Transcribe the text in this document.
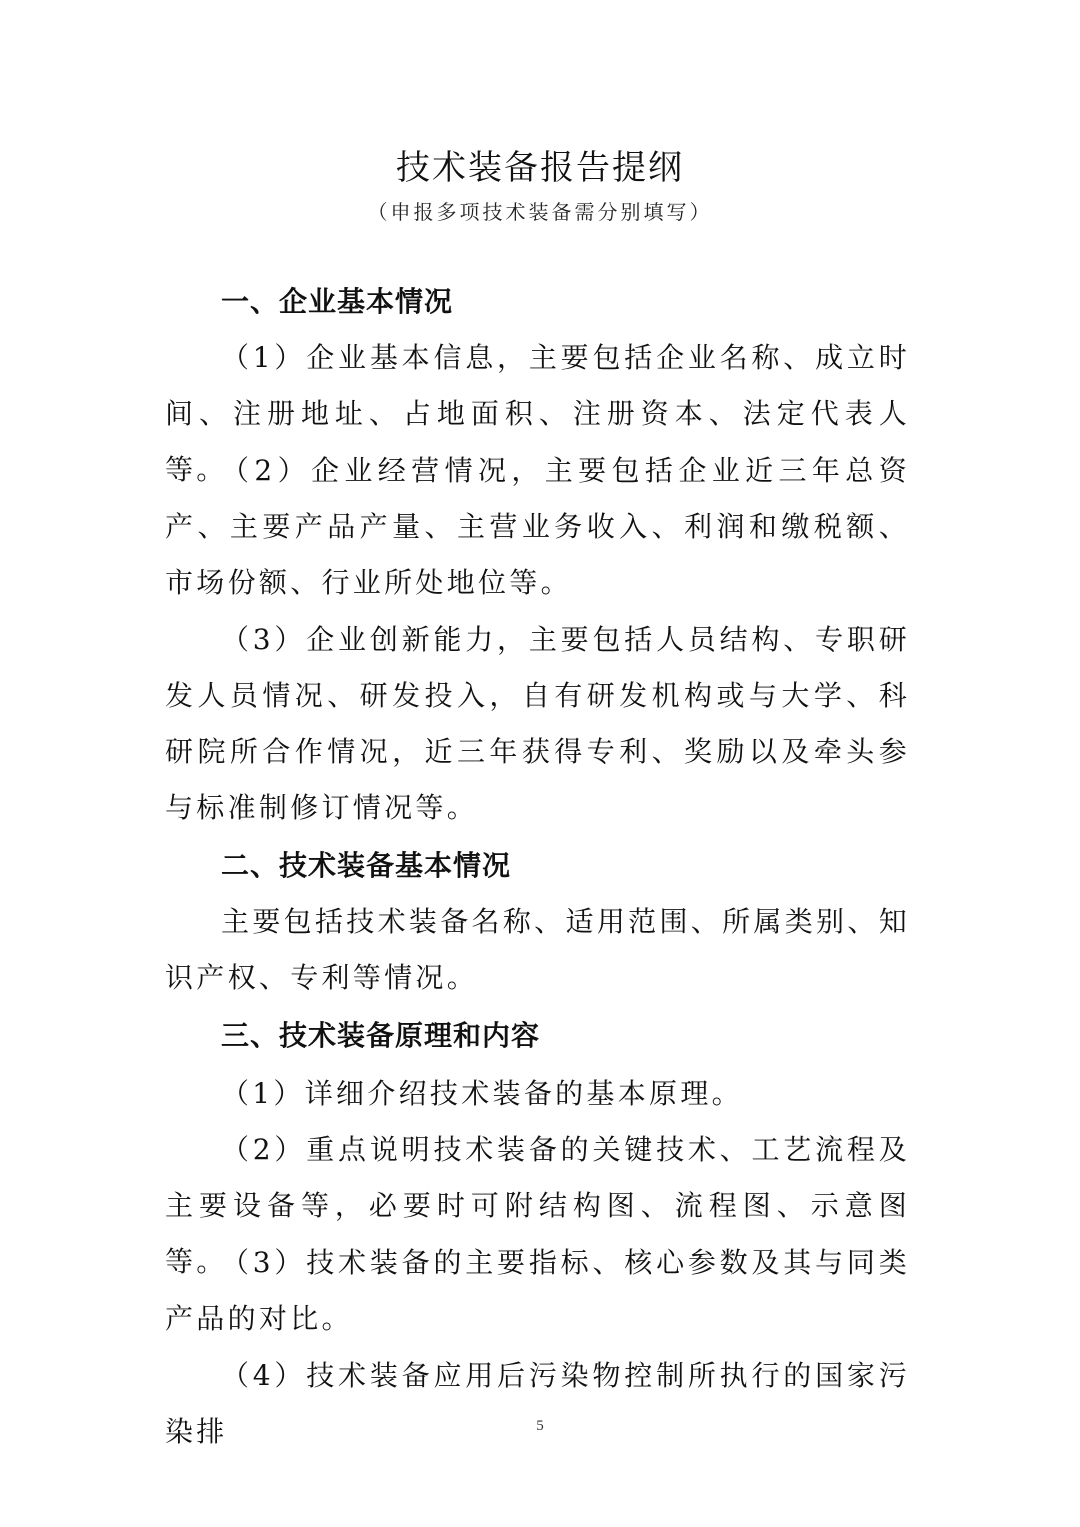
技术装备报告提纲
（申报多项技术装备需分别填写）
一、企业基本情况

（1）企业基本信息，主要包括企业名称、成立时间、注册地址、占地面积、注册资本、法定代表人等。

（2）企业经营情况，主要包括企业近三年总资产、主要产品产量、主营业务收入、利润和缴税额、市场份额、行业所处地位等。

（3）企业创新能力，主要包括人员结构、专职研发人员情况、研发投入，自有研发机构或与大学、科研院所合作情况，近三年获得专利、奖励以及牵头参与标准制修订情况等。

二、技术装备基本情况

主要包括技术装备名称、适用范围、所属类别、知识产权、专利等情况。

三、技术装备原理和内容

（1）详细介绍技术装备的基本原理。

（2）重点说明技术装备的关键技术、工艺流程及主要设备等，必要时可附结构图、流程图、示意图等。

（3）技术装备的主要指标、核心参数及其与同类产品的对比。

（4）技术装备应用后污染物控制所执行的国家污染排	5
